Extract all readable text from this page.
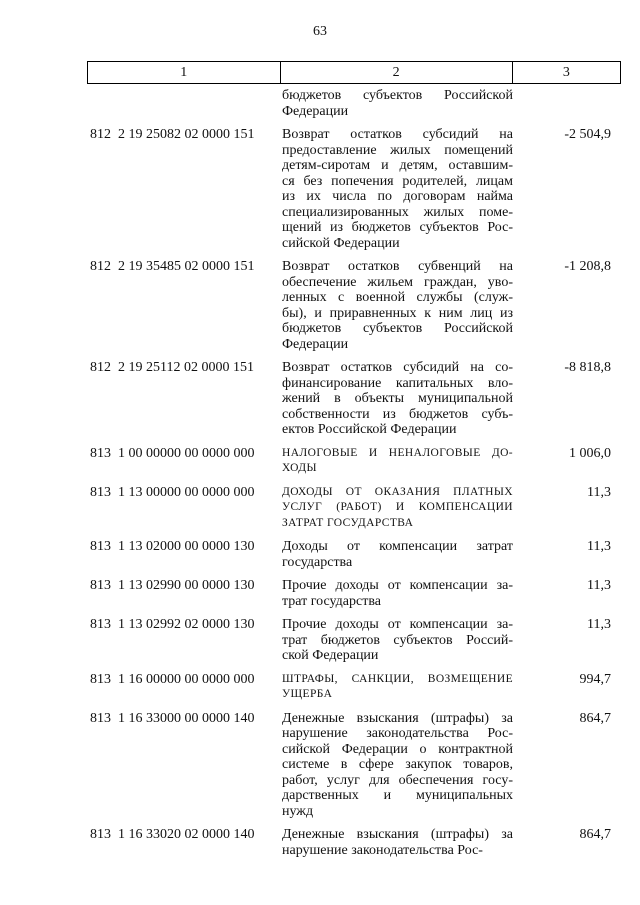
63
1	2	3
бюджетов субъектов Российской
Федерации
812  2 19 25082 02 0000 151	Возврат остатков субсидий на
предоставление жилых помещений
детям-сиротам и детям, оставшим-
ся без попечения родителей, лицам
из их числа по договорам найма
специализированных жилых поме-
щений из бюджетов субъектов Рос-
сийской Федерации
-2 504,9
812  2 19 35485 02 0000 151	Возврат остатков субвенций на
обеспечение жильем граждан, уво-
ленных с военной службы (служ-
бы), и приравненных к ним лиц из
бюджетов субъектов Российской
Федерации
-1 208,8
812  2 19 25112 02 0000 151	Возврат остатков субсидий на со-
финансирование капитальных вло-
жений в объекты муниципальной
собственности из бюджетов субъ-
ектов Российской Федерации
-8 818,8
813  1 00 00000 00 0000 000	НАЛОГОВЫЕ И НЕНАЛОГОВЫЕ ДО-
ХОДЫ
1 006,0
813  1 13 00000 00 0000 000	ДОХОДЫ ОТ ОКАЗАНИЯ ПЛАТНЫХ
УСЛУГ (РАБОТ) И КОМПЕНСАЦИИ
ЗАТРАТ ГОСУДАРСТВА
11,3
813  1 13 02000 00 0000 130	Доходы от компенсации затрат
государства
11,3
813  1 13 02990 00 0000 130	Прочие доходы от компенсации за-
трат государства
11,3
813  1 13 02992 02 0000 130	Прочие доходы от компенсации за-
трат бюджетов субъектов Россий-
ской Федерации
11,3
813  1 16 00000 00 0000 000	ШТРАФЫ, САНКЦИИ, ВОЗМЕЩЕНИЕ
УЩЕРБА
994,7
813  1 16 33000 00 0000 140	Денежные взыскания (штрафы) за
нарушение законодательства Рос-
сийской Федерации о контрактной
системе в сфере закупок товаров,
работ, услуг для обеспечения госу-
дарственных и муниципальных
нужд
864,7
813  1 16 33020 02 0000 140	Денежные взыскания (штрафы) за
нарушение законодательства Рос-
864,7
